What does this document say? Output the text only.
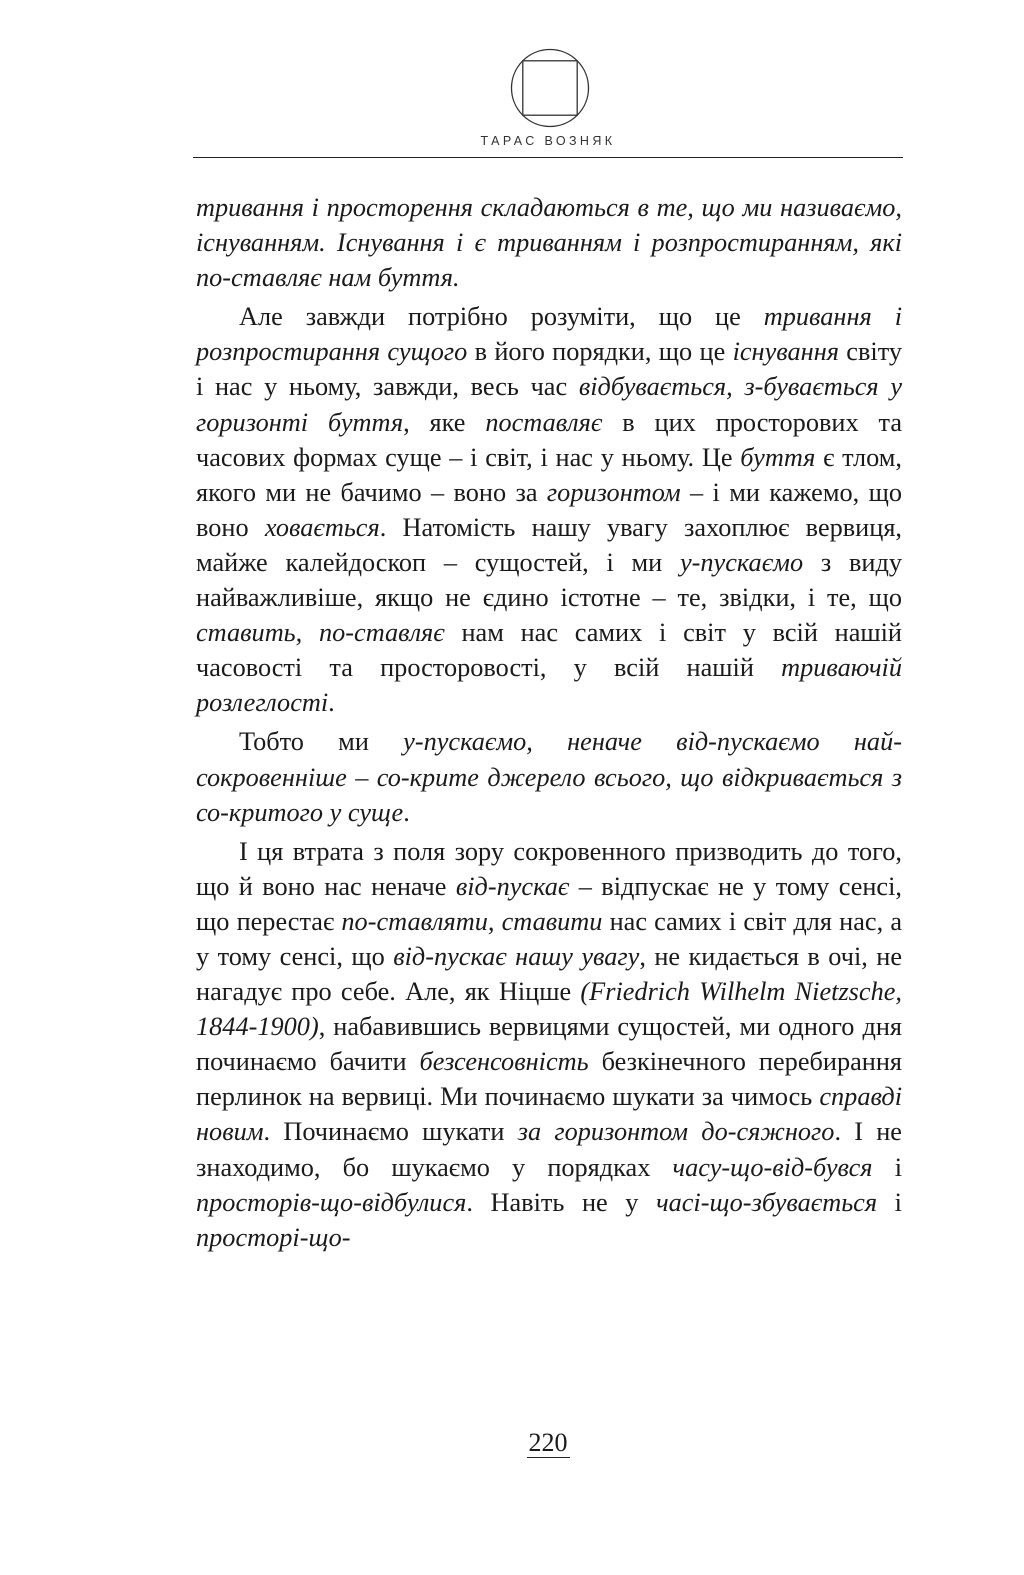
ТАРАС ВОЗНЯК

тривання і просторення складаються в те, що ми називаємо, існуванням. Існування і є триванням і розпростиранням, які по-ставляє нам буття.

Але завжди потрібно розуміти, що це тривання і розпростирання сущого в його порядки, що це існування світу і нас у ньому, завжди, весь час відбувається, з-бувається у горизонті буття, яке поставляє в цих просторових та часових формах суще – і світ, і нас у ньому. Це буття є тлом, якого ми не бачимо – воно за горизонтом – і ми кажемо, що воно ховається. Натомість нашу увагу захоплює вервиця, майже калейдоскоп – сущостей, і ми у-пускаємо з виду найважливіше, якщо не єдино істотне – те, звідки, і те, що ставить, по-ставляє нам нас самих і світ у всій нашій часовості та просторовості, у всій нашій триваючій розлеглості.

Тобто ми у-пускаємо, неначе від-пускаємо найсокровенніше – со-крите джерело всього, що відкривається з со-критого у суще.

І ця втрата з поля зору сокровенного призводить до того, що й воно нас неначе від-пускає – відпускає не у тому сенсі, що перестає по-ставляти, ставити нас самих і світ для нас, а у тому сенсі, що від-пускає нашу увагу, не кидається в очі, не нагадує про себе. Але, як Ніцше (Friedrich Wilhelm Nietzsche, 1844-1900), набавившись вервицями сущостей, ми одного дня починаємо бачити безсенсовність безкінечного перебирання перлинок на вервиці. Ми починаємо шукати за чимось справді новим. Починаємо шукати за горизонтом до-сяжного. І не знаходимо, бо шукаємо у порядках часу-що-від-бувся і просторів-що-відбулися. Навіть не у часі-що-збувається і просторі-що-

220
